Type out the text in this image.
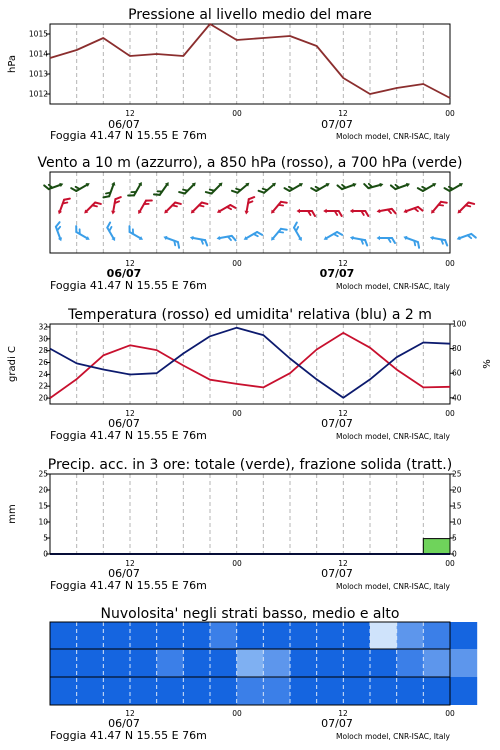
Pressione al livello medio del mare
1012
1013
1014
1015
hPa
12	00	12	00
06/07	07/07
Foggia 41.47 N 15.55 E 76m	Moloch model, CNR-ISAC, Italy
Vento a 10 m (azzurro), a 850 hPa (rosso), a 700 hPa (verde)
12	00	12	00
06/07	07/07
Foggia 41.47 N 15.55 E 76m	Moloch model, CNR-ISAC, Italy
Temperatura (rosso) ed umidita' relativa (blu) a 2 m
20
22
24
26
28
30
32
40
60
80
100
gradi C	%
12	00	12	00
06/07	07/07
Foggia 41.47 N 15.55 E 76m	Moloch model, CNR-ISAC, Italy
Precip. acc. in 3 ore: totale (verde), frazione solida (tratt.)
0
5
10
15
20
25
0
5
10
15
20
25
mm
12	00	12	00
06/07	07/07
Foggia 41.47 N 15.55 E 76m	Moloch model, CNR-ISAC, Italy
Nuvolosita' negli strati basso, medio e alto
12	00	12	00
06/07	07/07
Foggia 41.47 N 15.55 E 76m	Moloch model, CNR-ISAC, Italy
